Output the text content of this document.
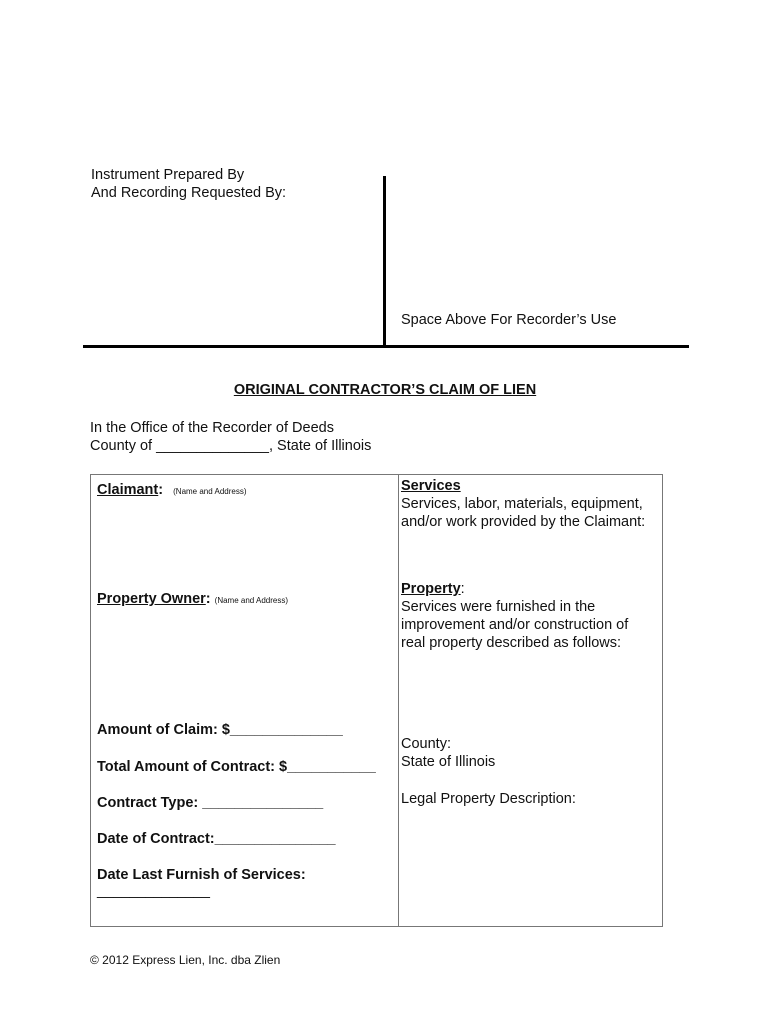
Instrument Prepared By
And Recording Requested By:
Space Above For Recorder’s Use
ORIGINAL CONTRACTOR’S CLAIM OF LIEN
In the Office of the Recorder of Deeds
County of ______________, State of Illinois
Claimant: (Name and Address)
Property Owner: (Name and Address)
Amount of Claim: $______________
Total Amount of Contract: $___________
Contract Type: _______________
Date of Contract:_______________
Date Last Furnish of Services:
______________
Services
Services, labor, materials, equipment,
and/or work provided by the Claimant:
Property:
Services were furnished in the
improvement and/or construction of
real property described as follows:
County:
State of Illinois
Legal Property Description:
© 2012 Express Lien, Inc. dba Zlien
